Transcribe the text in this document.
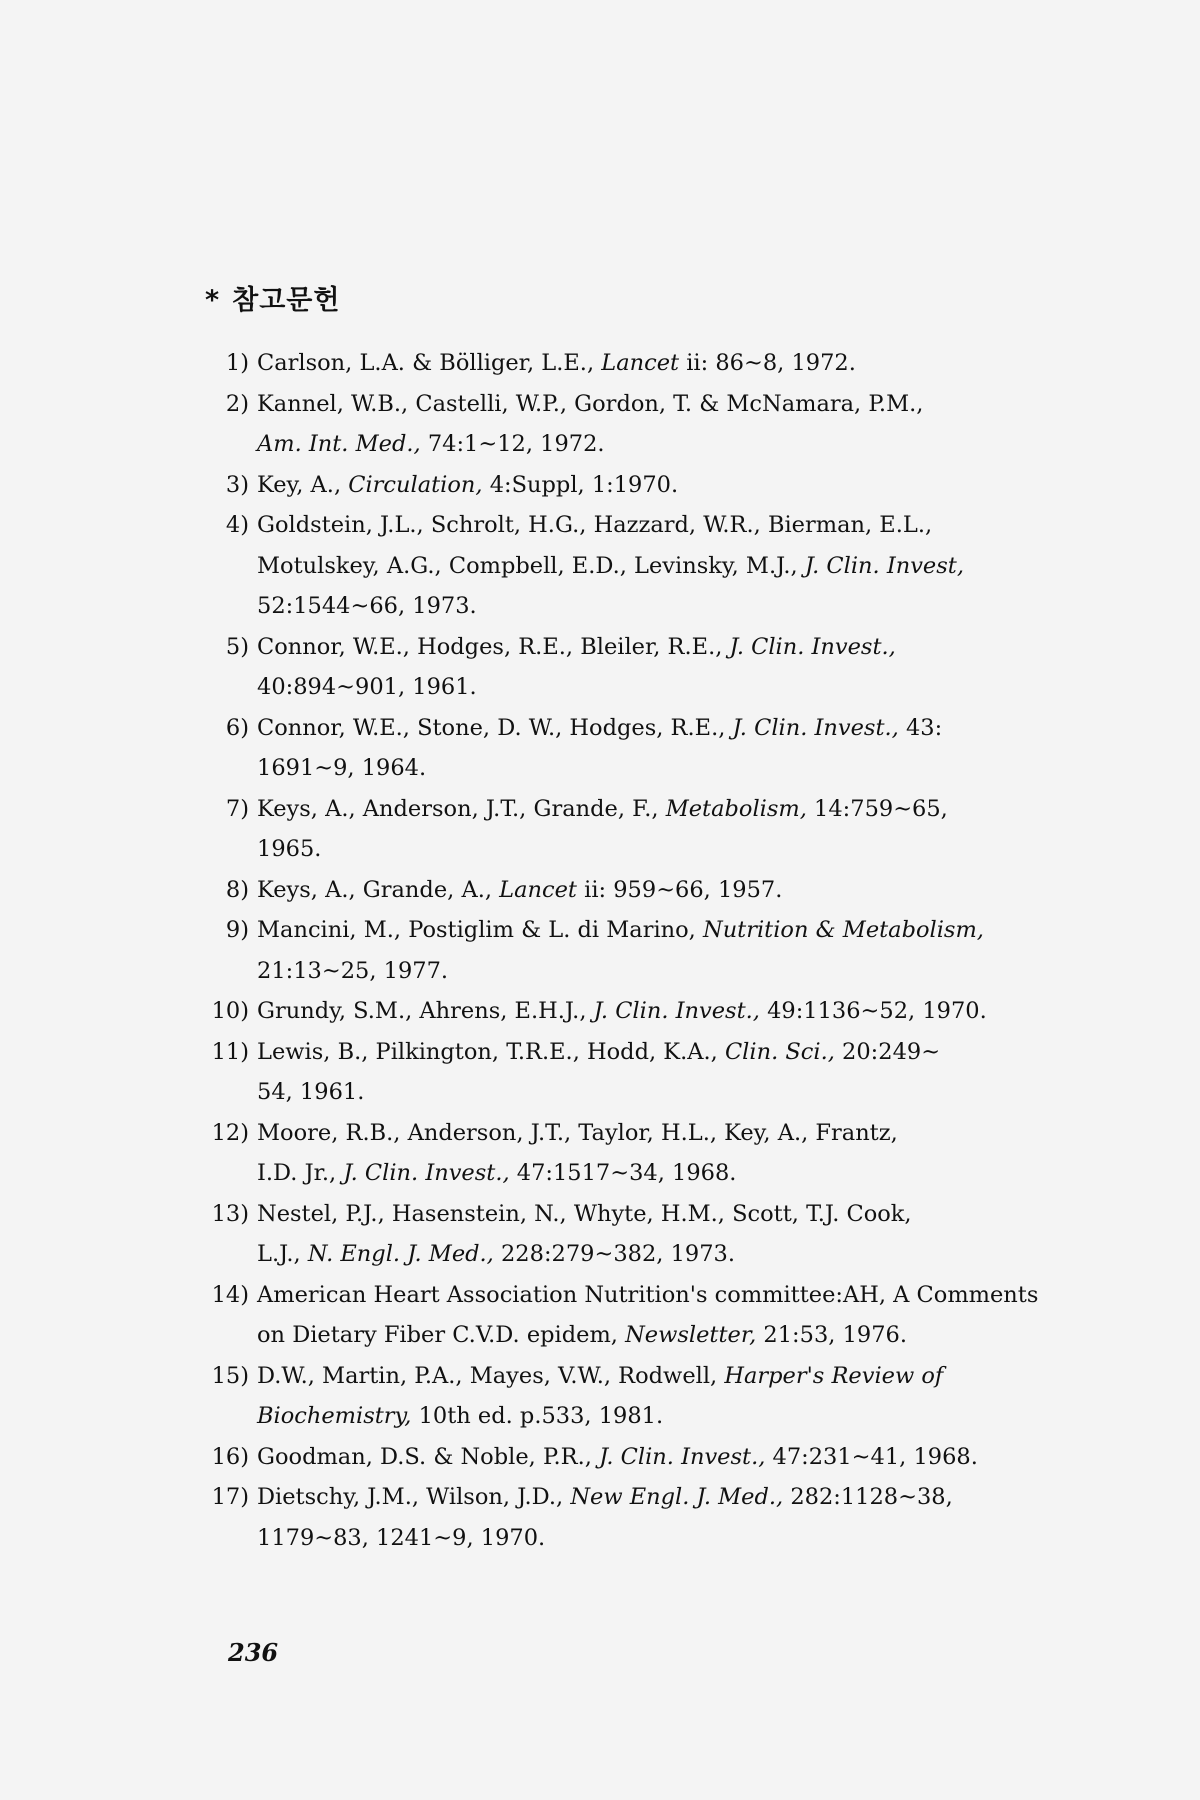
* 참고문헌
1) Carlson, L.A. & Bölliger, L.E., Lancet ii: 86~8, 1972.
2) Kannel, W.B., Castelli, W.P., Gordon, T. & McNamara, P.M.,
Am. Int. Med., 74:1~12, 1972.
3) Key, A., Circulation, 4:Suppl, 1:1970.
4) Goldstein, J.L., Schrolt, H.G., Hazzard, W.R., Bierman, E.L.,
Motulskey, A.G., Compbell, E.D., Levinsky, M.J., J. Clin. Invest,
52:1544~66, 1973.
5) Connor, W.E., Hodges, R.E., Bleiler, R.E., J. Clin. Invest.,
40:894~901, 1961.
6) Connor, W.E., Stone, D. W., Hodges, R.E., J. Clin. Invest., 43:
1691~9, 1964.
7) Keys, A., Anderson, J.T., Grande, F., Metabolism, 14:759~65,
1965.
8) Keys, A., Grande, A., Lancet ii: 959~66, 1957.
9) Mancini, M., Postiglim & L. di Marino, Nutrition & Metabolism,
21:13~25, 1977.
10) Grundy, S.M., Ahrens, E.H.J., J. Clin. Invest., 49:1136~52, 1970.
11) Lewis, B., Pilkington, T.R.E., Hodd, K.A., Clin. Sci., 20:249~
54, 1961.
12) Moore, R.B., Anderson, J.T., Taylor, H.L., Key, A., Frantz,
I.D. Jr., J. Clin. Invest., 47:1517~34, 1968.
13) Nestel, P.J., Hasenstein, N., Whyte, H.M., Scott, T.J. Cook,
L.J., N. Engl. J. Med., 228:279~382, 1973.
14) American Heart Association Nutrition's committee:AH, A Comments
on Dietary Fiber C.V.D. epidem, Newsletter, 21:53, 1976.
15) D.W., Martin, P.A., Mayes, V.W., Rodwell, Harper's Review of
Biochemistry, 10th ed. p.533, 1981.
16) Goodman, D.S. & Noble, P.R., J. Clin. Invest., 47:231~41, 1968.
17) Dietschy, J.M., Wilson, J.D., New Engl. J. Med., 282:1128~38,
1179~83, 1241~9, 1970.
236
